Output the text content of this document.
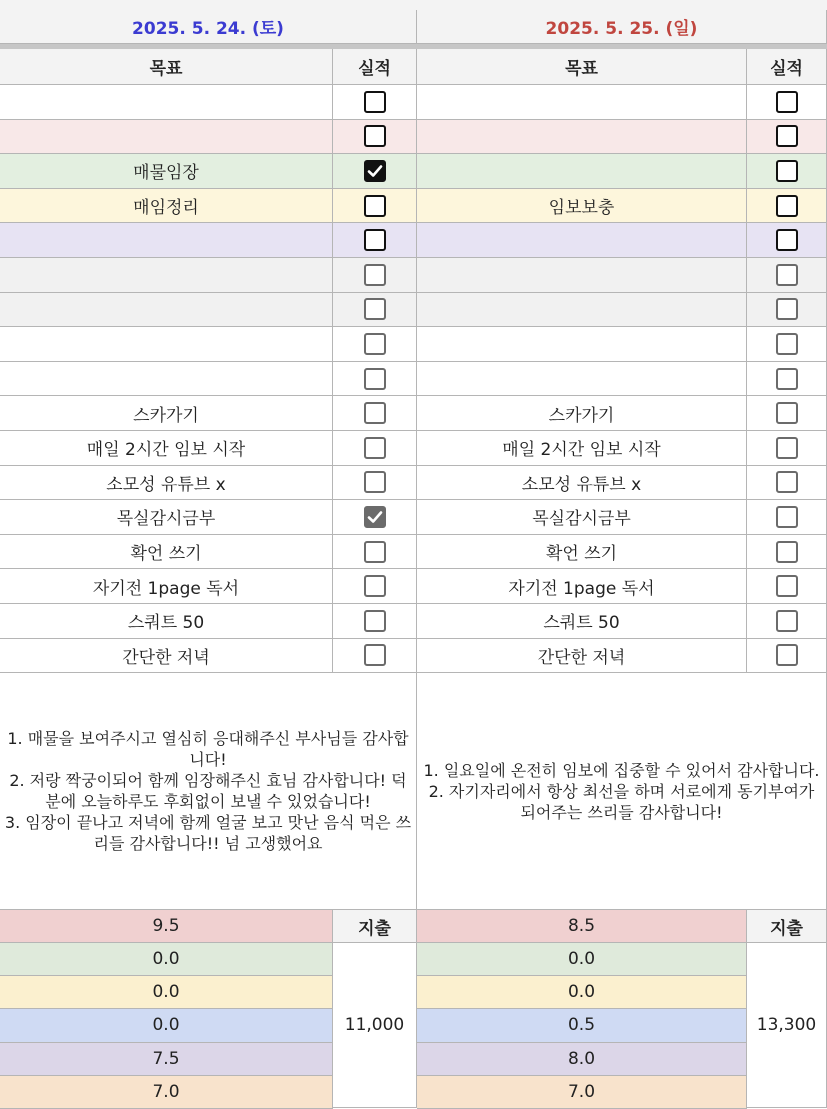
2025. 5. 24. (토)
목표	실적
매물임장
매임정리
스카가기
매일 2시간 임보 시작
소모성 유튜브 x
목실감시금부
확언 쓰기
자기전 1page 독서
스쿼트 50
간단한 저녁
1. 매물을 보여주시고 열심히 응대해주신 부사님들 감사합니다!
2. 저랑 짝궁이되어 함께 임장해주신 효님 감사합니다! 덕분에 오늘하루도 후회없이 보낼 수 있었습니다!
3. 임장이 끝나고 저녁에 함께 얼굴 보고 맛난 음식 먹은 쓰리들 감사합니다!! 넘 고생했어요
9.5
0.0
0.0
0.0
7.5
7.0
지출
11,000
2025. 5. 25. (일)
목표	실적
임보보충
스카가기
매일 2시간 임보 시작
소모성 유튜브 x
목실감시금부
확언 쓰기
자기전 1page 독서
스쿼트 50
간단한 저녁
1. 일요일에 온전히 임보에 집중할 수 있어서 감사합니다.
2. 자기자리에서 항상 최선을 하며 서로에게 동기부여가 되어주는 쓰리들 감사합니다!
8.5
0.0
0.0
0.5
8.0
7.0
지출
13,300
